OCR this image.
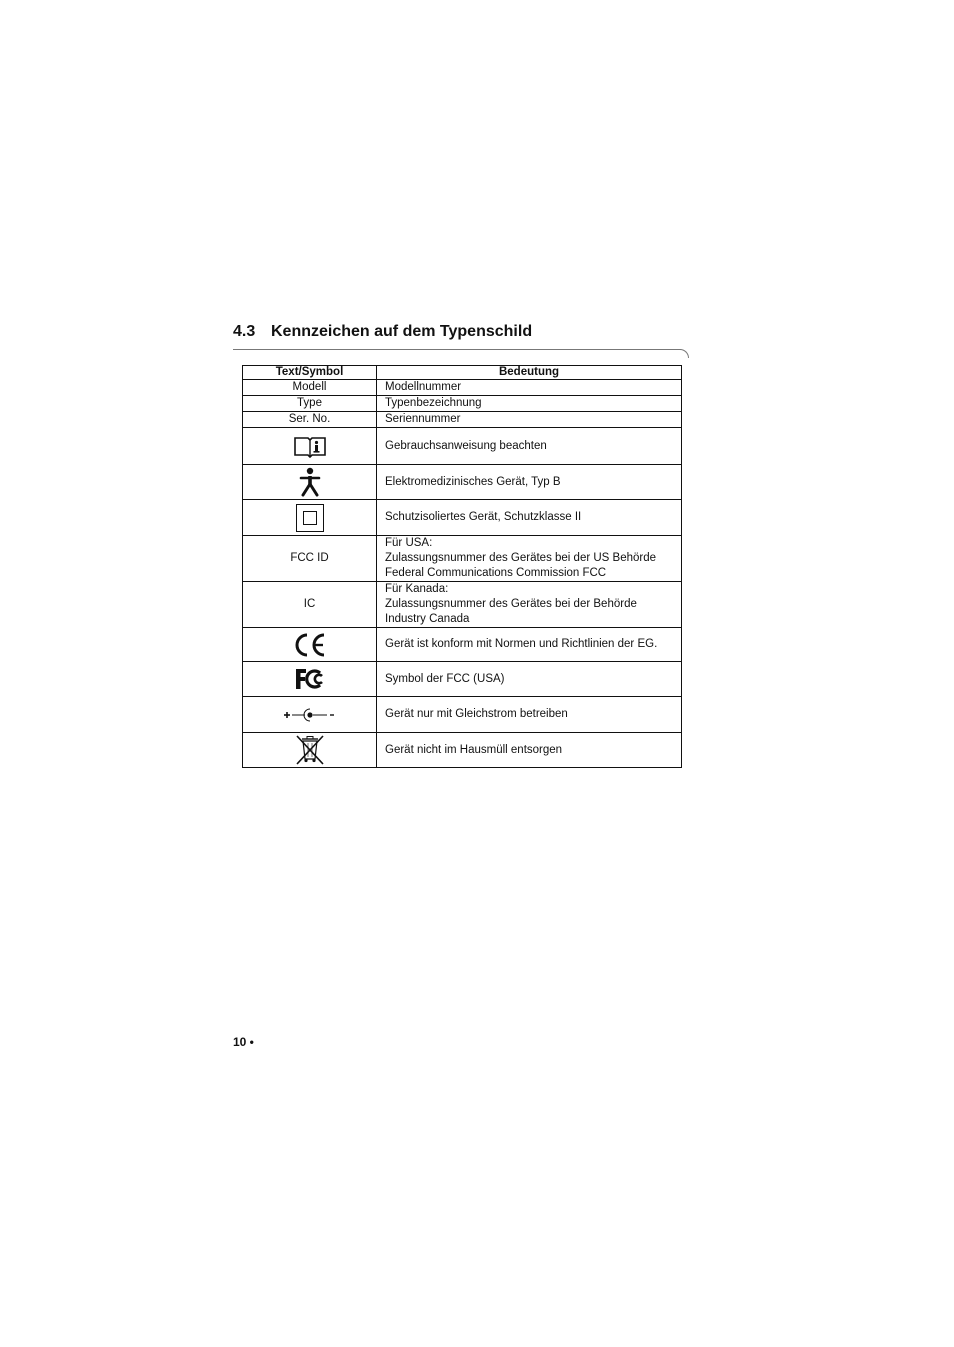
4.3 Kennzeichen auf dem Typenschild
Text/Symbol	Bedeutung
Modell	Modellnummer
Type	Typenbezeichnung
Ser. No.	Seriennummer

	Gebrauchsanweisung beachten

	Elektromedizinisches Gerät, Typ B

	Schutzisoliertes Gerät, Schutzklasse II
FCC ID	Für USA:
Zulassungsnummer des Gerätes bei der US Behörde
Federal Communications Commission FCC

IC	Für Kanada:
Zulassungsnummer des Gerätes bei der Behörde
Industry Canada

	Gerät ist konform mit Normen und Richtlinien der EG.

	Symbol der FCC (USA)

	Gerät nur mit Gleichstrom betreiben

	Gerät nicht im Hausmüll entsorgen
10 •
